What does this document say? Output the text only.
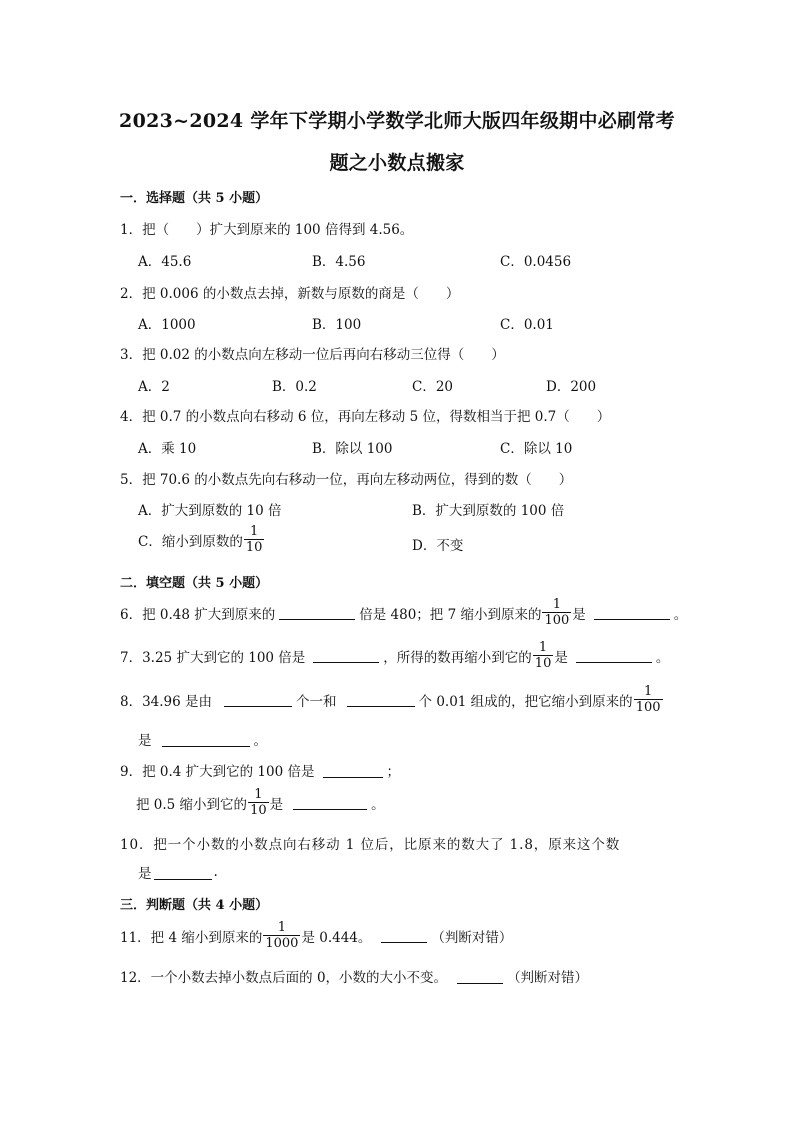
2023~2024 学年下学期小学数学北师大版四年级期中必刷常考
题之小数点搬家
一．选择题（共 5 小题）
1．把（　　）扩大到原来的 100 倍得到 4.56。
A．45.6	B．4.56	C．0.0456
2．把 0.006 的小数点去掉，新数与原数的商是（　　）
A．1000	B．100	C．0.01
3．把 0.02 的小数点向左移动一位后再向右移动三位得（　　）
A．2	B．0.2	C．20	D．200
4．把 0.7 的小数点向右移动 6 位，再向左移动 5 位，得数相当于把 0.7（　　）
A．乘 10	B．除以 100	C．除以 10
5．把 70.6 的小数点先向右移动一位，再向左移动两位，得到的数（　　）
A．扩大到原数的 10 倍	B．扩大到原数的 100 倍
C．缩小到原数的 $\frac{1}{10}$	D．不变
二．填空题（共 5 小题）
6．把 0.48 扩大到原来的	倍是 480；把 7 缩小到原来的 $\frac{1}{100}$ 是	。
7．3.25 扩大到它的 100 倍是	，所得的数再缩小到它的 $\frac{1}{10}$ 是	。
8．34.96 是由	个一和	个 0.01 组成的，把它缩小到原来的 $\frac{1}{100}$
是	。
9．把 0.4 扩大到它的 100 倍是	；
把 0.5 缩小到它的 $\frac{1}{10}$ 是	。
10．把一个小数的小数点向右移动 1 位后，比原来的数大了 1.8，原来这个数
是	.
三．判断题（共 4 小题）
11．把 4 缩小到原来的 $\frac{1}{1000}$ 是 0.444。	（判断对错）
12．一个小数去掉小数点后面的 0，小数的大小不变。	（判断对错）
